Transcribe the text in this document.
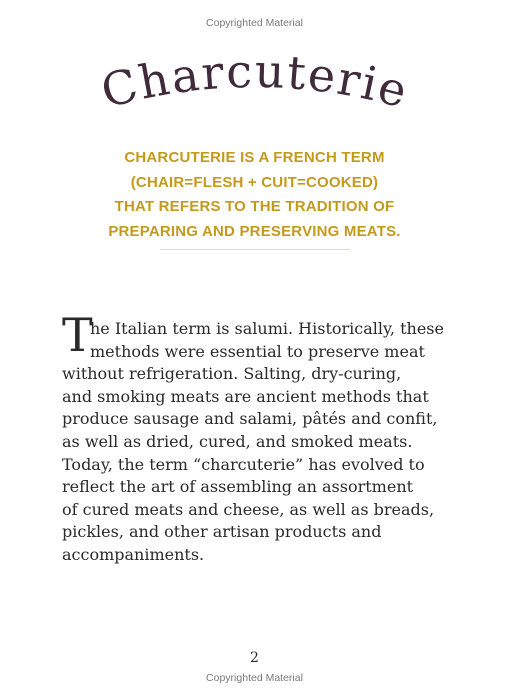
Copyrighted Material
Charcuterie
CHARCUTERIE IS A FRENCH TERM
(CHAIR=FLESH + CUIT=COOKED)
THAT REFERS TO THE TRADITION OF
PREPARING AND PRESERVING MEATS.
T
he Italian term is salumi. Historically, these
methods were essential to preserve meat
without refrigeration. Salting, dry-curing,
and smoking meats are ancient methods that
produce sausage and salami, pâtés and confit,
as well as dried, cured, and smoked meats.
Today, the term “charcuterie” has evolved to
reflect the art of assembling an assortment
of cured meats and cheese, as well as breads,
pickles, and other artisan products and
accompaniments.
2
Copyrighted Material
